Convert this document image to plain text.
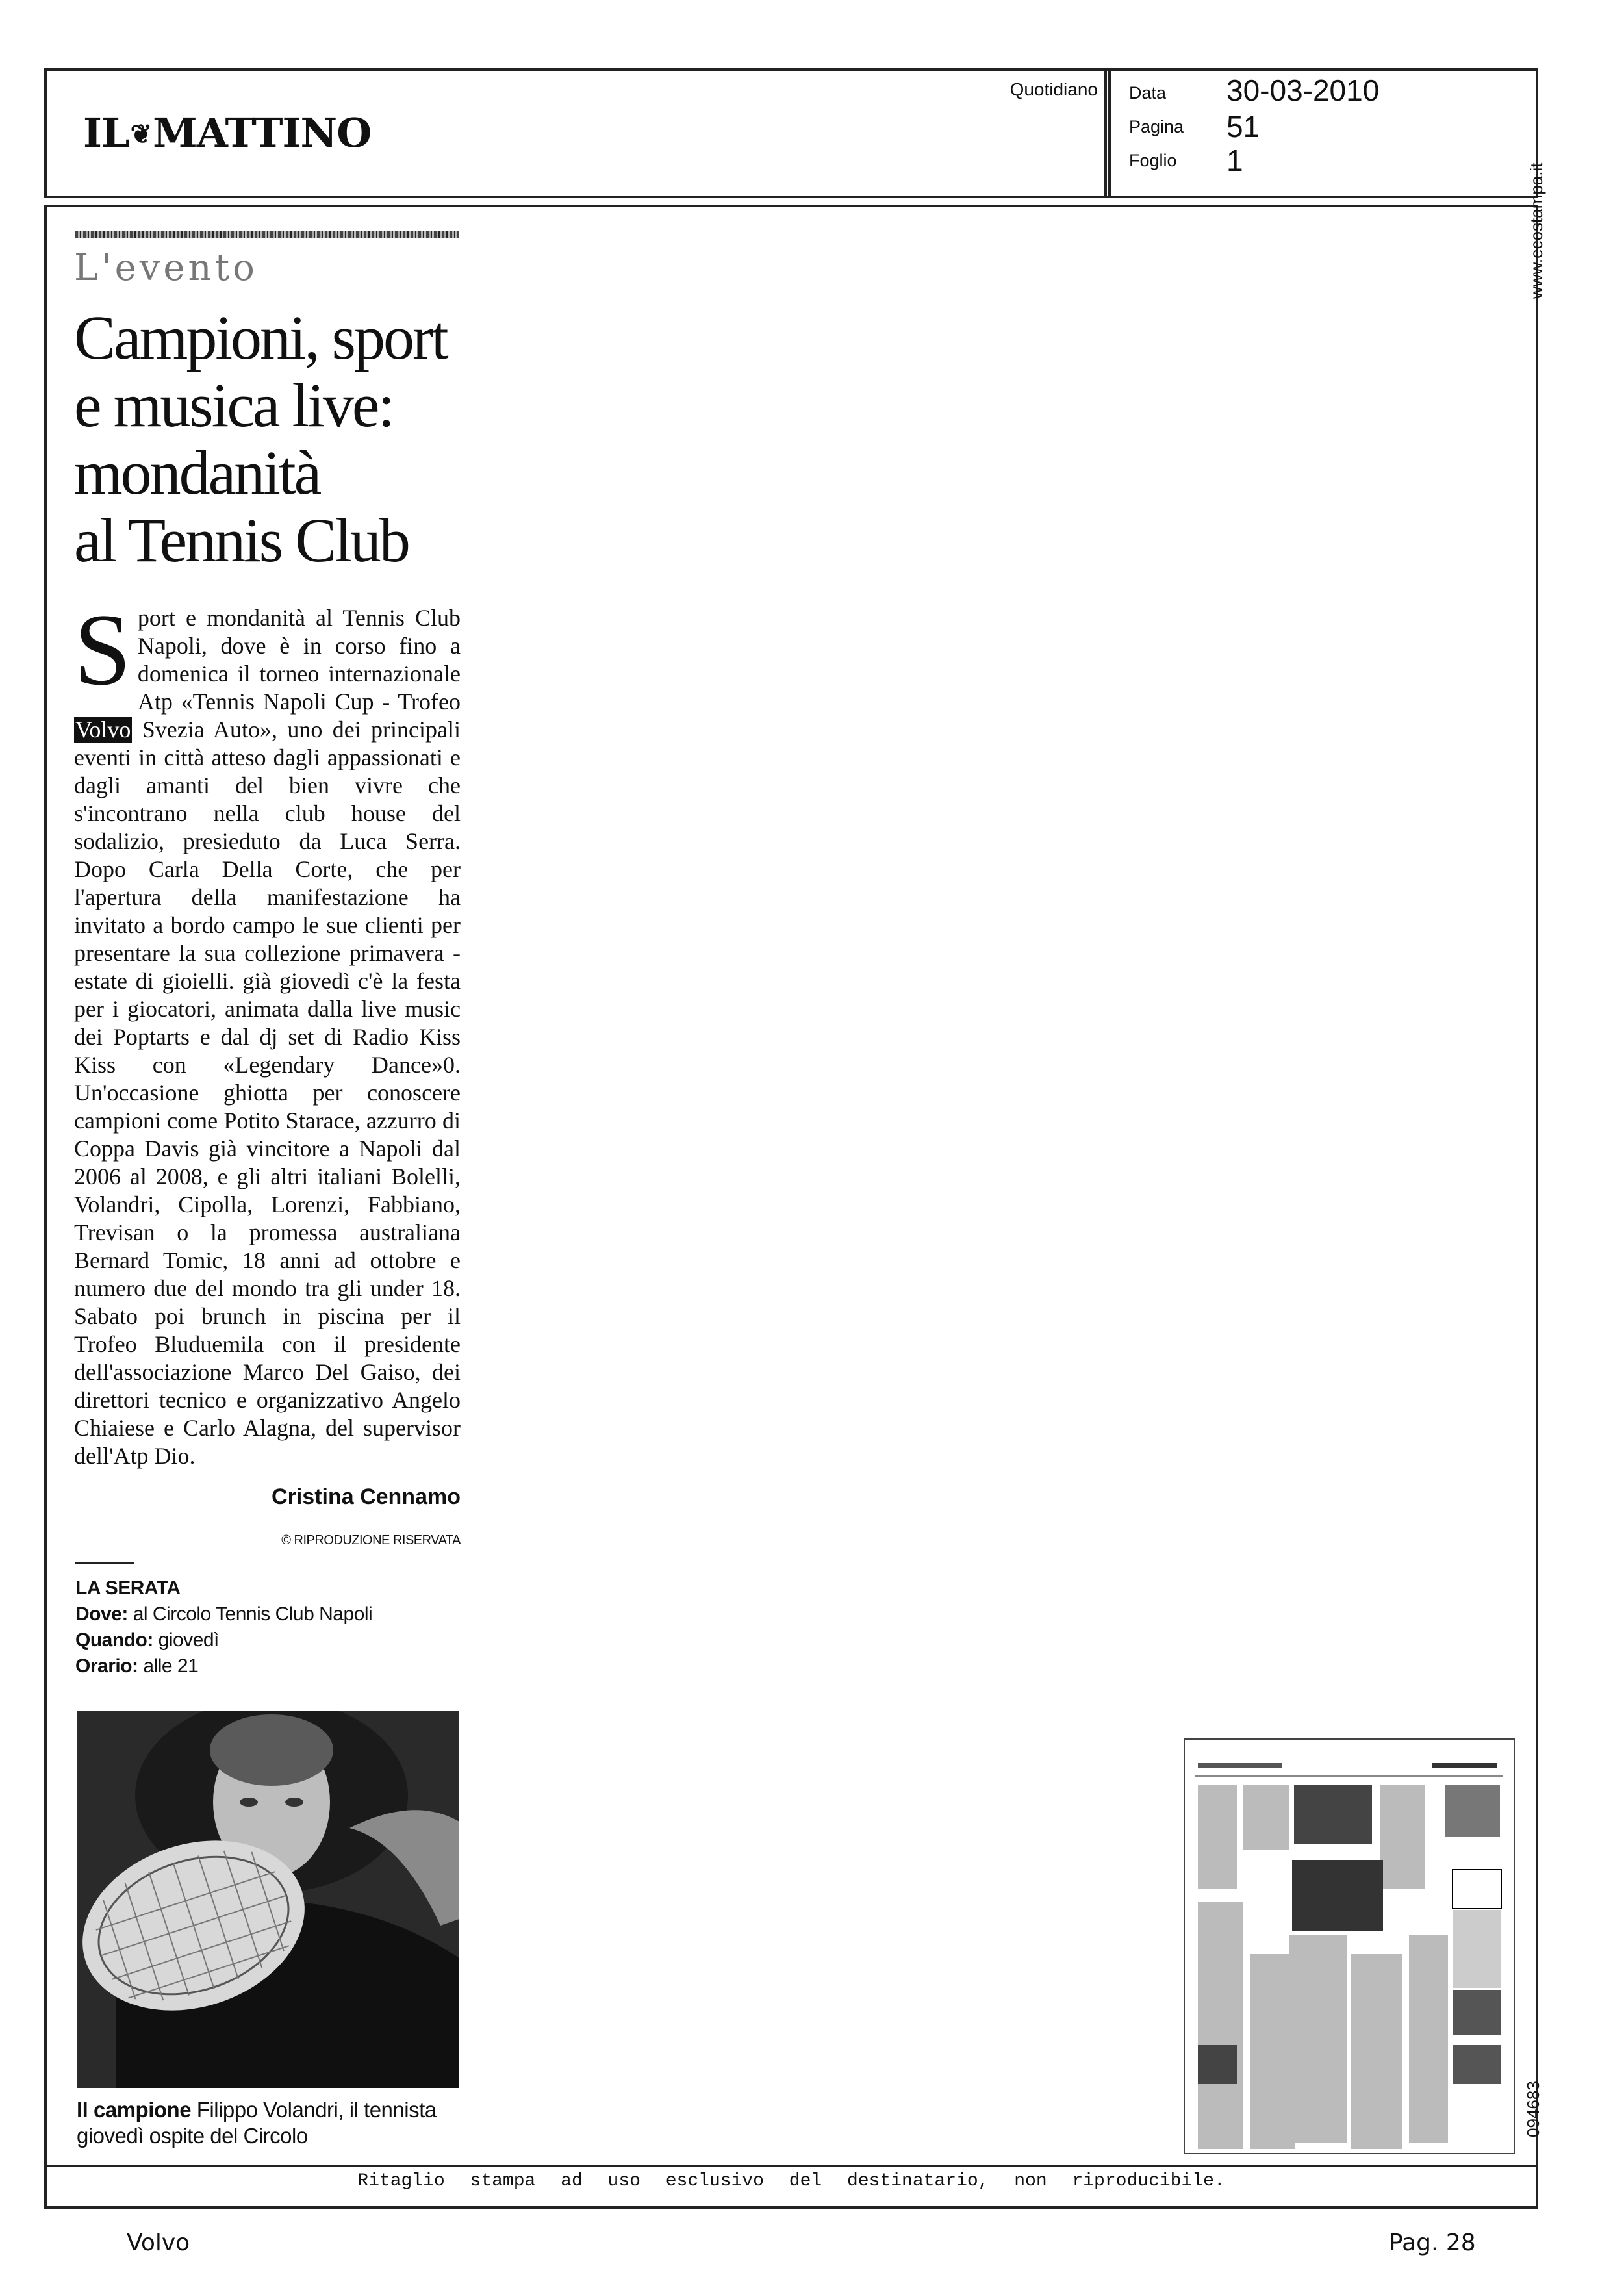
IL❦MATTINO
Quotidiano Data
Pagina
Foglio
30-03-2010
51
1
www.ecostampa.it
094683
Ritaglio stampa ad uso esclusivo del destinatario, non riproducibile.
L'evento
Campioni, sport
e musica live:
mondanità
al Tennis Club
Sport e mondanità al Tennis Club Napoli, dove è in corso fino a domenica il torneo internazionale Atp «Tennis Napoli Cup - Trofeo Volvo Svezia Auto», uno dei principali eventi in città atteso dagli appassionati e dagli amanti del bien vivre che s'incontrano nella club house del sodalizio, presieduto da Luca Serra. Dopo Carla Della Corte, che per l'apertura della manifestazione ha invitato a bordo campo le sue clienti per presentare la sua collezione primavera - estate di gioielli. già giovedì c'è la festa per i giocatori, animata dalla live music dei Poptarts e dal dj set di Radio Kiss Kiss con «Legendary Dance»0. Un'occasione ghiotta per conoscere campioni come Potito Starace, azzurro di Coppa Davis già vincitore a Napoli dal 2006 al 2008, e gli altri italiani Bolelli, Volandri, Cipolla, Lorenzi, Fabbiano, Trevisan o la promessa australiana Bernard Tomic, 18 anni ad ottobre e numero due del mondo tra gli under 18. Sabato poi brunch in piscina per il Trofeo Bluduemila con il presidente dell'associazione Marco Del Gaiso, dei direttori tecnico e organizzativo Angelo Chiaiese e Carlo Alagna, del supervisor dell'Atp Dio.
Cristina Cennamo
© RIPRODUZIONE RISERVATA
LA SERATA
Dove: al Circolo Tennis Club Napoli
Quando: giovedì
Orario: alle 21
Il campione Filippo Volandri, il tennista giovedì ospite del Circolo
Volvo	Pag. 28
